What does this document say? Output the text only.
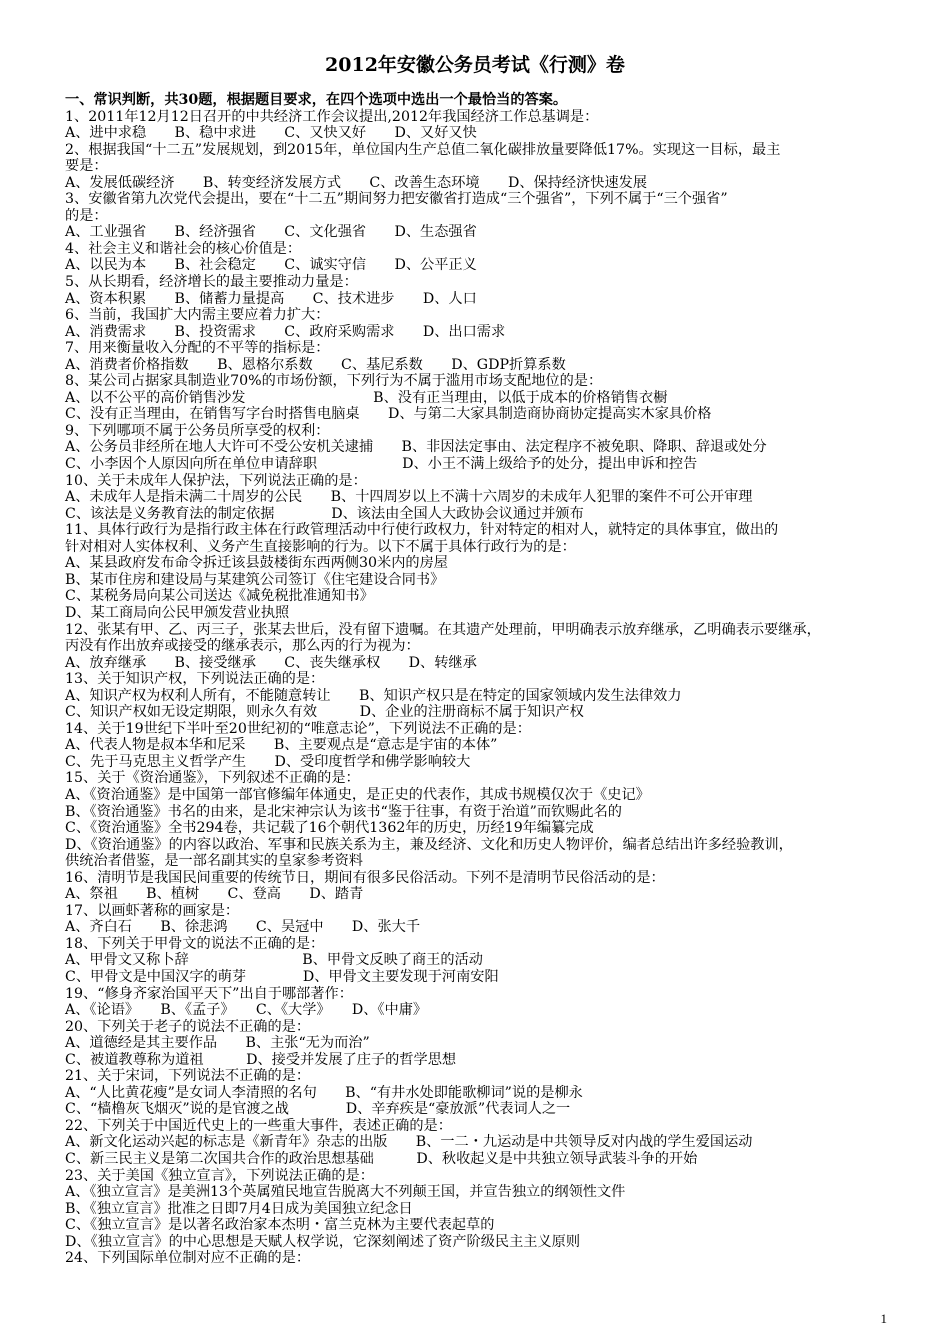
2012年安徽公务员考试《行测》卷
一、常识判断，共30题，根据题目要求，在四个选项中选出一个最恰当的答案。
1、2011年12月12日召开的中共经济工作会议提出,2012年我国经济工作总基调是：
A、进中求稳　　B、稳中求进　　C、又快又好　　D、又好又快
2、根据我国“十二五”发展规划，到2015年，单位国内生产总值二氧化碳排放量要降低17%。实现这一目标，最主
要是：
A、发展低碳经济　　B、转变经济发展方式　　C、改善生态环境　　D、保持经济快速发展
3、安徽省第九次党代会提出，要在“十二五”期间努力把安徽省打造成“三个强省”，下列不属于“三个强省”
的是：
A、工业强省　　B、经济强省　　C、文化强省　　D、生态强省
4、社会主义和谐社会的核心价值是：
A、以民为本　　B、社会稳定　　C、诚实守信　　D、公平正义
5、从长期看，经济增长的最主要推动力量是：
A、资本积累　　B、储蓄力量提高　　C、技术进步　　D、人口
6、当前，我国扩大内需主要应着力扩大：
A、消费需求　　B、投资需求　　C、政府采购需求　　D、出口需求
7、用来衡量收入分配的不平等的指标是：
A、消费者价格指数　　B、恩格尔系数　　C、基尼系数　　D、GDP折算系数
8、某公司占据家具制造业70%的市场份额，下列行为不属于滥用市场支配地位的是：
A、以不公平的高价销售沙发　　　　　　　　　B、没有正当理由，以低于成本的价格销售衣橱
C、没有正当理由，在销售写字台时搭售电脑桌　　D、与第二大家具制造商协商协定提高实木家具价格
9、下列哪项不属于公务员所享受的权利：
A、公务员非经所在地人大许可不受公安机关逮捕　　B、非因法定事由、法定程序不被免职、降职、辞退或处分
C、小李因个人原因向所在单位申请辞职　　　　　　D、小王不满上级给予的处分，提出申诉和控告
10、关于未成年人保护法，下列说法正确的是：
A、未成年人是指未满二十周岁的公民　　B、十四周岁以上不满十六周岁的未成年人犯罪的案件不可公开审理
C、该法是义务教育法的制定依据　　　　D、该法由全国人大政协会议通过并颁布
11、具体行政行为是指行政主体在行政管理活动中行使行政权力，针对特定的相对人，就特定的具体事宜，做出的
针对相对人实体权利、义务产生直接影响的行为。以下不属于具体行政行为的是：
A、某县政府发布命令拆迁该县鼓楼街东西两侧30米内的房屋
B、某市住房和建设局与某建筑公司签订《住宅建设合同书》
C、某税务局向某公司送达《减免税批准通知书》
D、某工商局向公民甲颁发营业执照
12、张某有甲、乙、丙三子，张某去世后，没有留下遗嘱。在其遗产处理前，甲明确表示放弃继承，乙明确表示要继承，
丙没有作出放弃或接受的继承表示，那么丙的行为视为：
A、放弃继承　　B、接受继承　　C、丧失继承权　　D、转继承
13、关于知识产权，下列说法正确的是：
A、知识产权为权利人所有，不能随意转让　　B、知识产权只是在特定的国家领域内发生法律效力
C、知识产权如无设定期限，则永久有效　　　D、企业的注册商标不属于知识产权
14、关于19世纪下半叶至20世纪初的“唯意志论”，下列说法不正确的是：
A、代表人物是叔本华和尼采　　B、主要观点是“意志是宇宙的本体”
C、先于马克思主义哲学产生　　D、受印度哲学和佛学影响较大
15、关于《资治通鉴》，下列叙述不正确的是：
A、《资治通鉴》是中国第一部官修编年体通史，是正史的代表作，其成书规模仅次于《史记》
B、《资治通鉴》书名的由来，是北宋神宗认为该书“鉴于往事，有资于治道”而钦赐此名的
C、《资治通鉴》全书294卷，共记载了16个朝代1362年的历史，历经19年编纂完成
D、《资治通鉴》的内容以政治、军事和民族关系为主，兼及经济、文化和历史人物评价，编者总结出许多经验教训，
供统治者借鉴，是一部名副其实的皇家参考资料
16、清明节是我国民间重要的传统节日，期间有很多民俗活动。下列不是清明节民俗活动的是：
A、祭祖　　B、植树　　C、登高　　D、踏青
17、以画虾著称的画家是：
A、齐白石　　B、徐悲鸿　　C、吴冠中　　D、张大千
18、下列关于甲骨文的说法不正确的是：
A、甲骨文又称卜辞　　　　　　　　B、甲骨文反映了商王的活动
C、甲骨文是中国汉字的萌芽　　　　D、甲骨文主要发现于河南安阳
19、“修身齐家治国平天下”出自于哪部著作：
A、《论语》　　B、《孟子》　　C、《大学》　　D、《中庸》
20、下列关于老子的说法不正确的是：
A、道德经是其主要作品　　B、主张“无为而治”
C、被道教尊称为道祖　　　D、接受并发展了庄子的哲学思想
21、关于宋词，下列说法不正确的是：
A、“人比黄花瘦”是女词人李清照的名句　　B、“有井水处即能歌柳词”说的是柳永
C、“樯橹灰飞烟灭”说的是官渡之战　　　　D、辛弃疾是“豪放派”代表词人之一
22、下列关于中国近代史上的一些重大事件，表述正确的是：
A、新文化运动兴起的标志是《新青年》杂志的出版　　B、一二・九运动是中共领导反对内战的学生爱国运动
C、新三民主义是第二次国共合作的政治思想基础　　　D、秋收起义是中共独立领导武装斗争的开始
23、关于美国《独立宣言》，下列说法正确的是：
A、《独立宣言》是美洲13个英属殖民地宣告脱离大不列颠王国，并宣告独立的纲领性文件
B、《独立宣言》批准之日即7月4日成为美国独立纪念日
C、《独立宣言》是以著名政治家本杰明・富兰克林为主要代表起草的
D、《独立宣言》的中心思想是天赋人权学说，它深刻阐述了资产阶级民主主义原则
24、下列国际单位制对应不正确的是：
1
